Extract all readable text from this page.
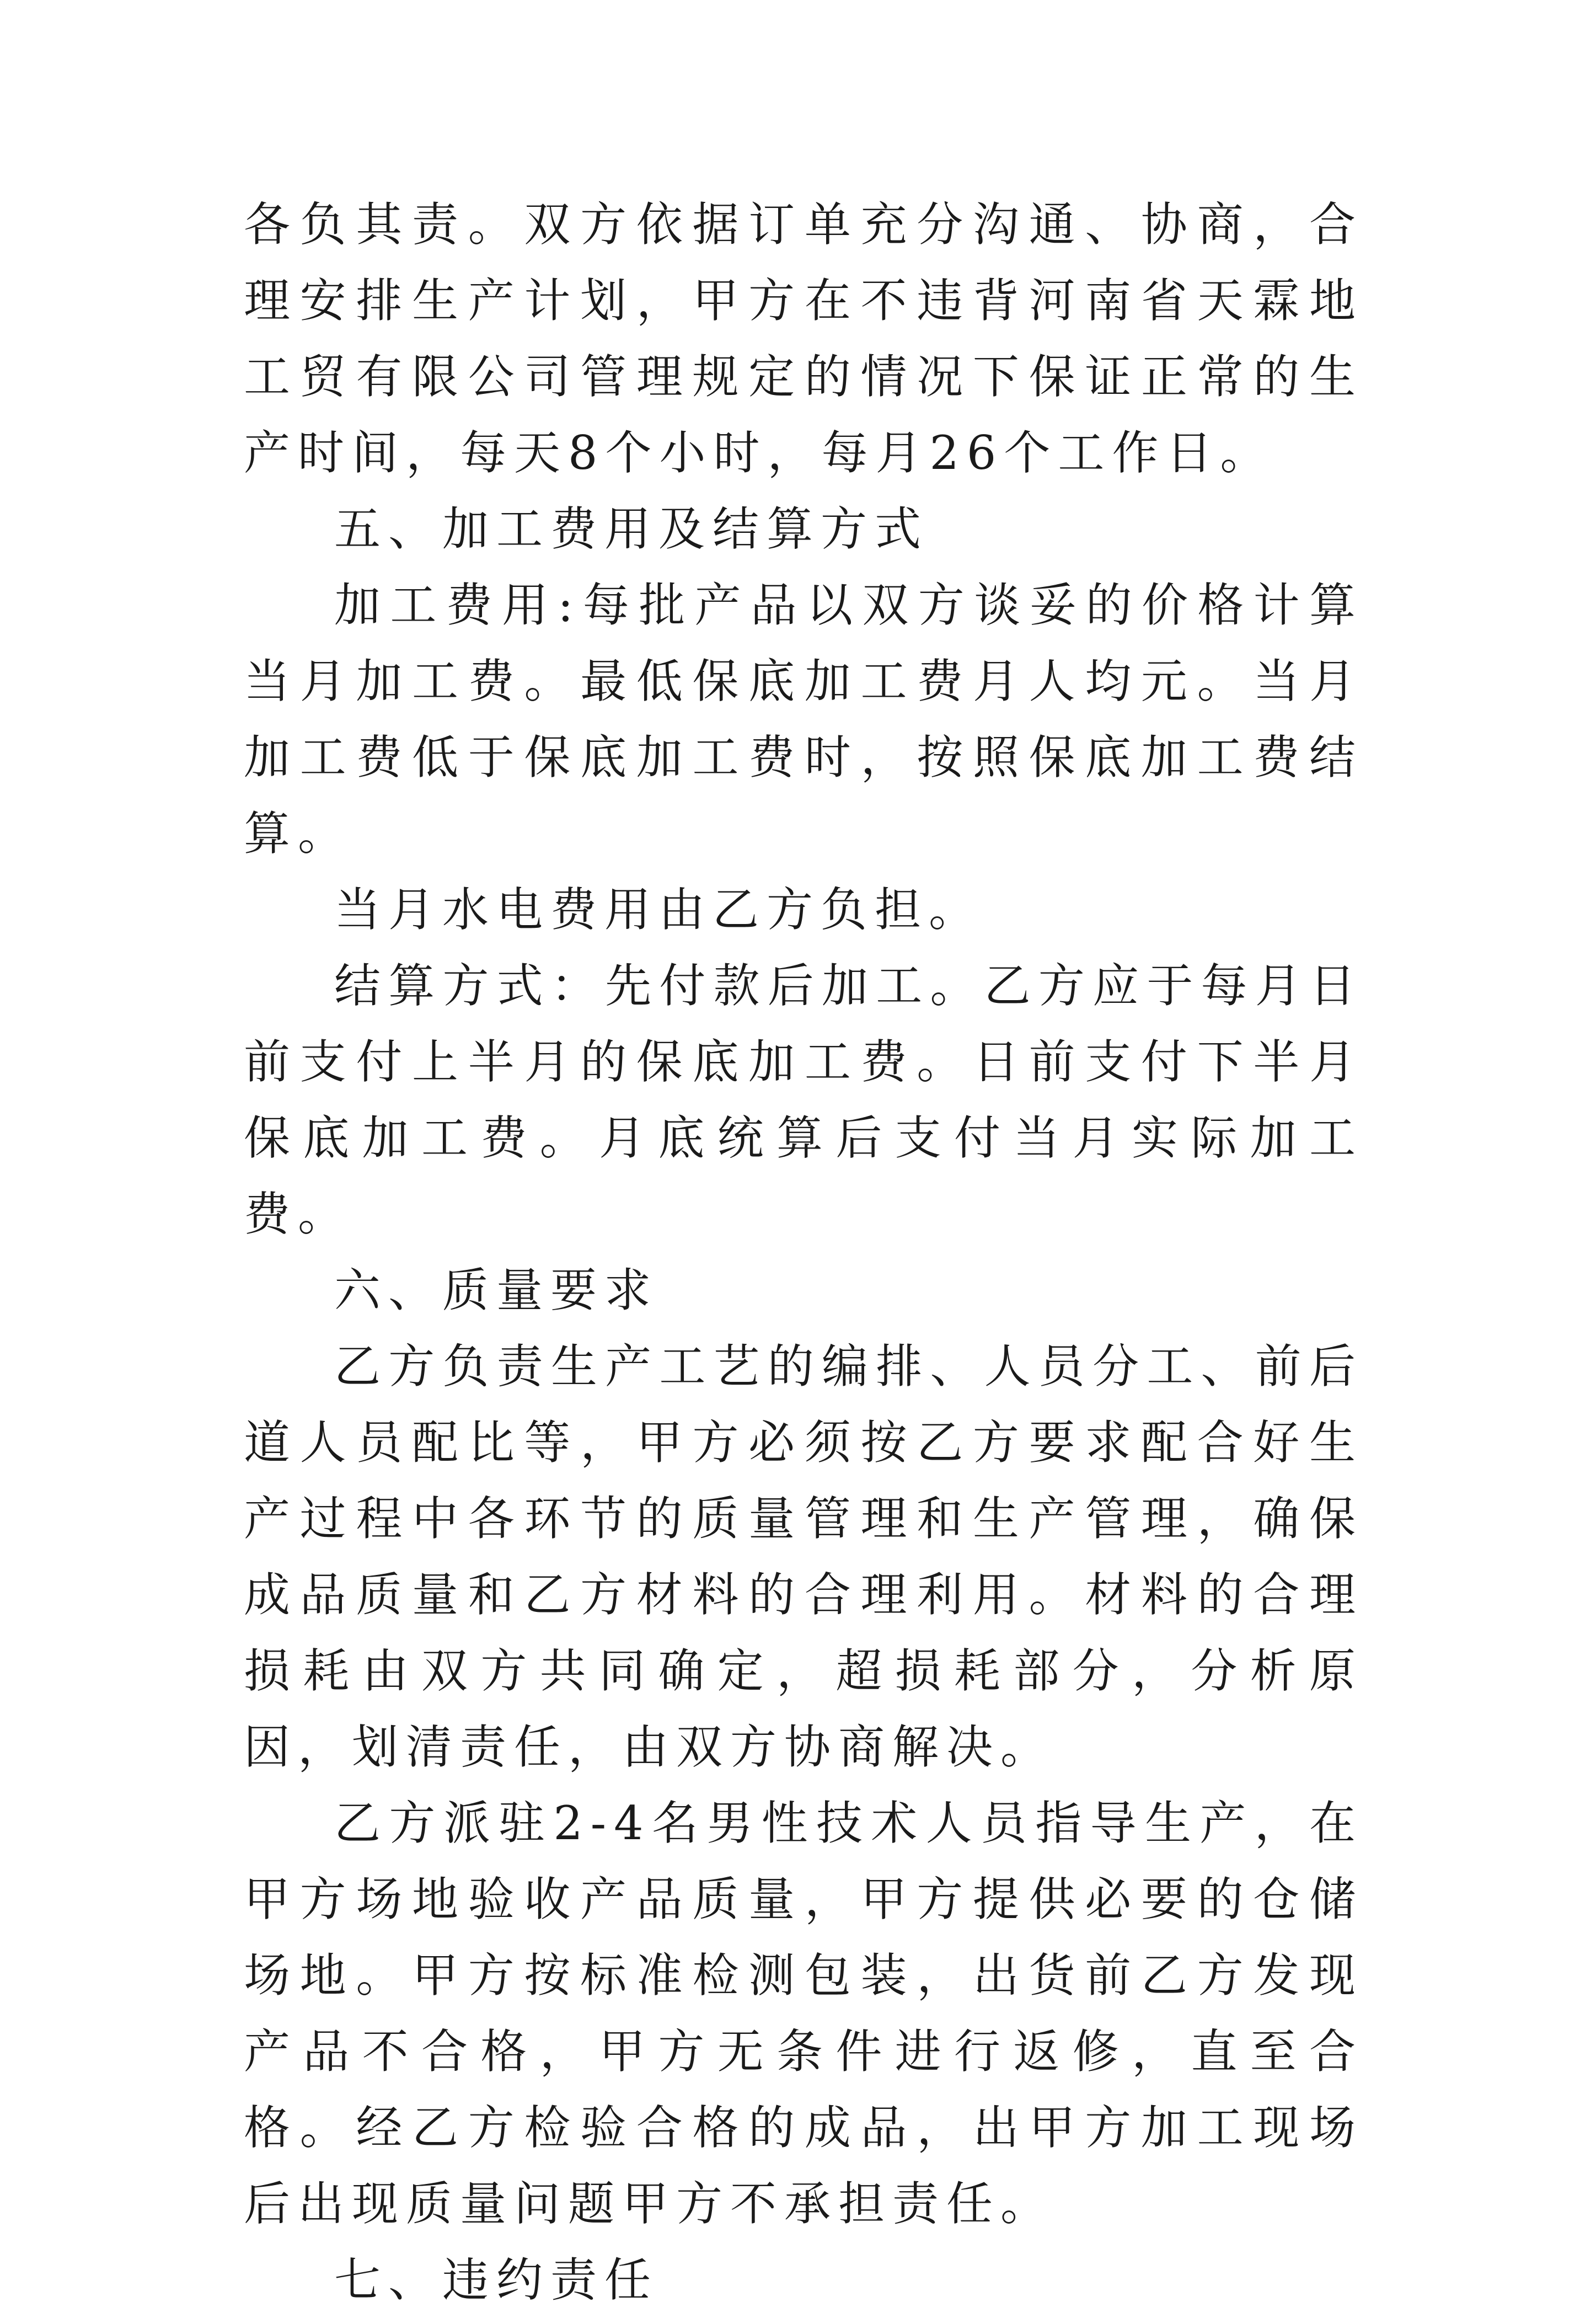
各负其责。双方依据订单充分沟通、协商，合理安排生产计划，甲方在不违背河南省天霖地工贸有限公司管理规定的情况下保证正常的生产时间，每天8个小时，每月26个工作日。

五、加工费用及结算方式

加工费用:每批产品以双方谈妥的价格计算当月加工费。最低保底加工费月人均元。当月加工费低于保底加工费时，按照保底加工费结算。

当月水电费用由乙方负担。

结算方式：先付款后加工。乙方应于每月日前支付上半月的保底加工费。日前支付下半月保底加工费。月底统算后支付当月实际加工费。

六、质量要求

乙方负责生产工艺的编排、人员分工、前后道人员配比等，甲方必须按乙方要求配合好生产过程中各环节的质量管理和生产管理，确保成品质量和乙方材料的合理利用。材料的合理损耗由双方共同确定，超损耗部分，分析原因，划清责任，由双方协商解决。

乙方派驻2-4名男性技术人员指导生产，在甲方场地验收产品质量，甲方提供必要的仓储场地。甲方按标准检测包装，出货前乙方发现产品不合格，甲方无条件进行返修，直至合格。经乙方检验合格的成品，出甲方加工现场后出现质量问题甲方不承担责任。

七、违约责任
